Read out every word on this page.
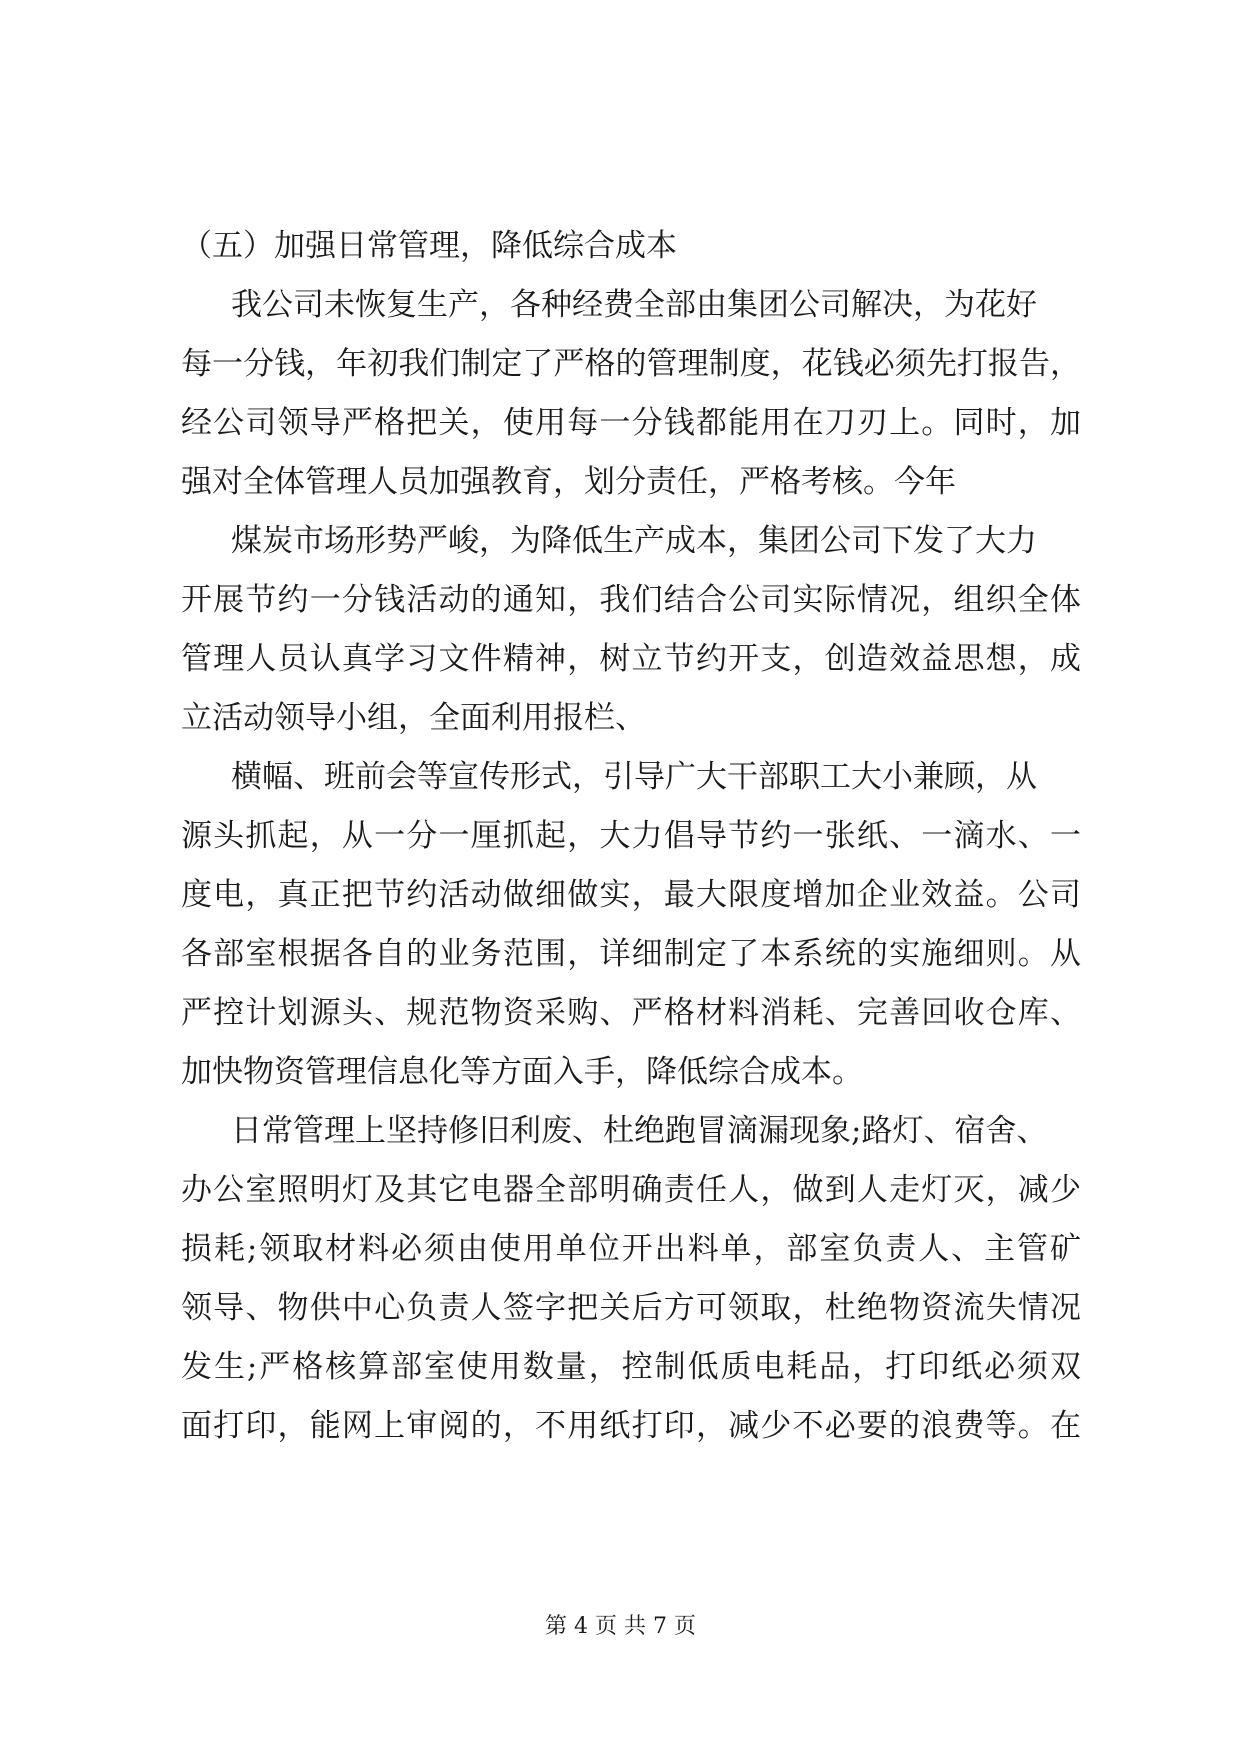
（五）加强日常管理，降低综合成本
我公司未恢复生产，各种经费全部由集团公司解决，为花好
每一分钱，年初我们制定了严格的管理制度，花钱必须先打报告，
经公司领导严格把关，使用每一分钱都能用在刀刃上。同时，加
强对全体管理人员加强教育，划分责任，严格考核。今年
煤炭市场形势严峻，为降低生产成本，集团公司下发了大力
开展节约一分钱活动的通知，我们结合公司实际情况，组织全体
管理人员认真学习文件精神，树立节约开支，创造效益思想，成
立活动领导小组，全面利用报栏、
横幅、班前会等宣传形式，引导广大干部职工大小兼顾，从
源头抓起，从一分一厘抓起，大力倡导节约一张纸、一滴水、一
度电，真正把节约活动做细做实，最大限度增加企业效益。公司
各部室根据各自的业务范围，详细制定了本系统的实施细则。从
严控计划源头、规范物资采购、严格材料消耗、完善回收仓库、
加快物资管理信息化等方面入手，降低综合成本。
日常管理上坚持修旧利废、杜绝跑冒滴漏现象;路灯、宿舍、
办公室照明灯及其它电器全部明确责任人，做到人走灯灭，减少
损耗;领取材料必须由使用单位开出料单，部室负责人、主管矿
领导、物供中心负责人签字把关后方可领取，杜绝物资流失情况
发生;严格核算部室使用数量，控制低质电耗品，打印纸必须双
面打印，能网上审阅的，不用纸打印，减少不必要的浪费等。在
第 4 页 共 7 页
